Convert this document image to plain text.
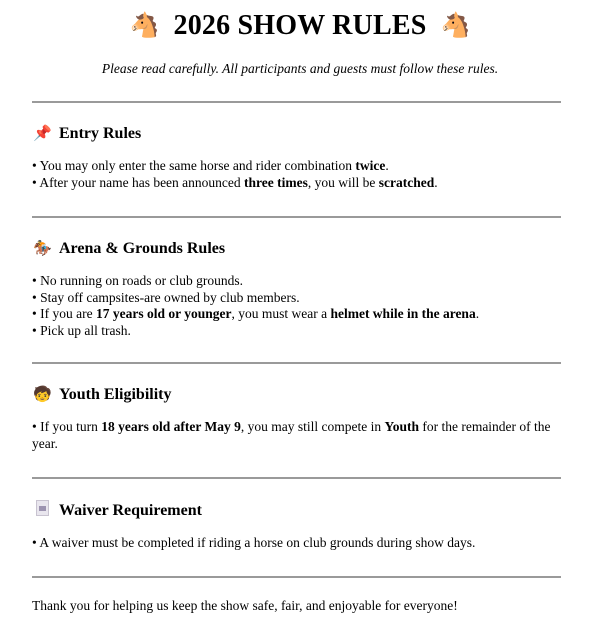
🐴 2026 SHOW RULES 🐴
Please read carefully. All participants and guests must follow these rules.
📌 Entry Rules
• You may only enter the same horse and rider combination twice.
• After your name has been announced three times, you will be scratched.
🏇 Arena & Grounds Rules
• No running on roads or club grounds.
• Stay off campsites-are owned by club members.
• If you are 17 years old or younger, you must wear a helmet while in the arena.
• Pick up all trash.
🧒 Youth Eligibility
• If you turn 18 years old after May 9, you may still compete in Youth for the remainder of the year.
Waiver Requirement
• A waiver must be completed if riding a horse on club grounds during show days.
Thank you for helping us keep the show safe, fair, and enjoyable for everyone!
